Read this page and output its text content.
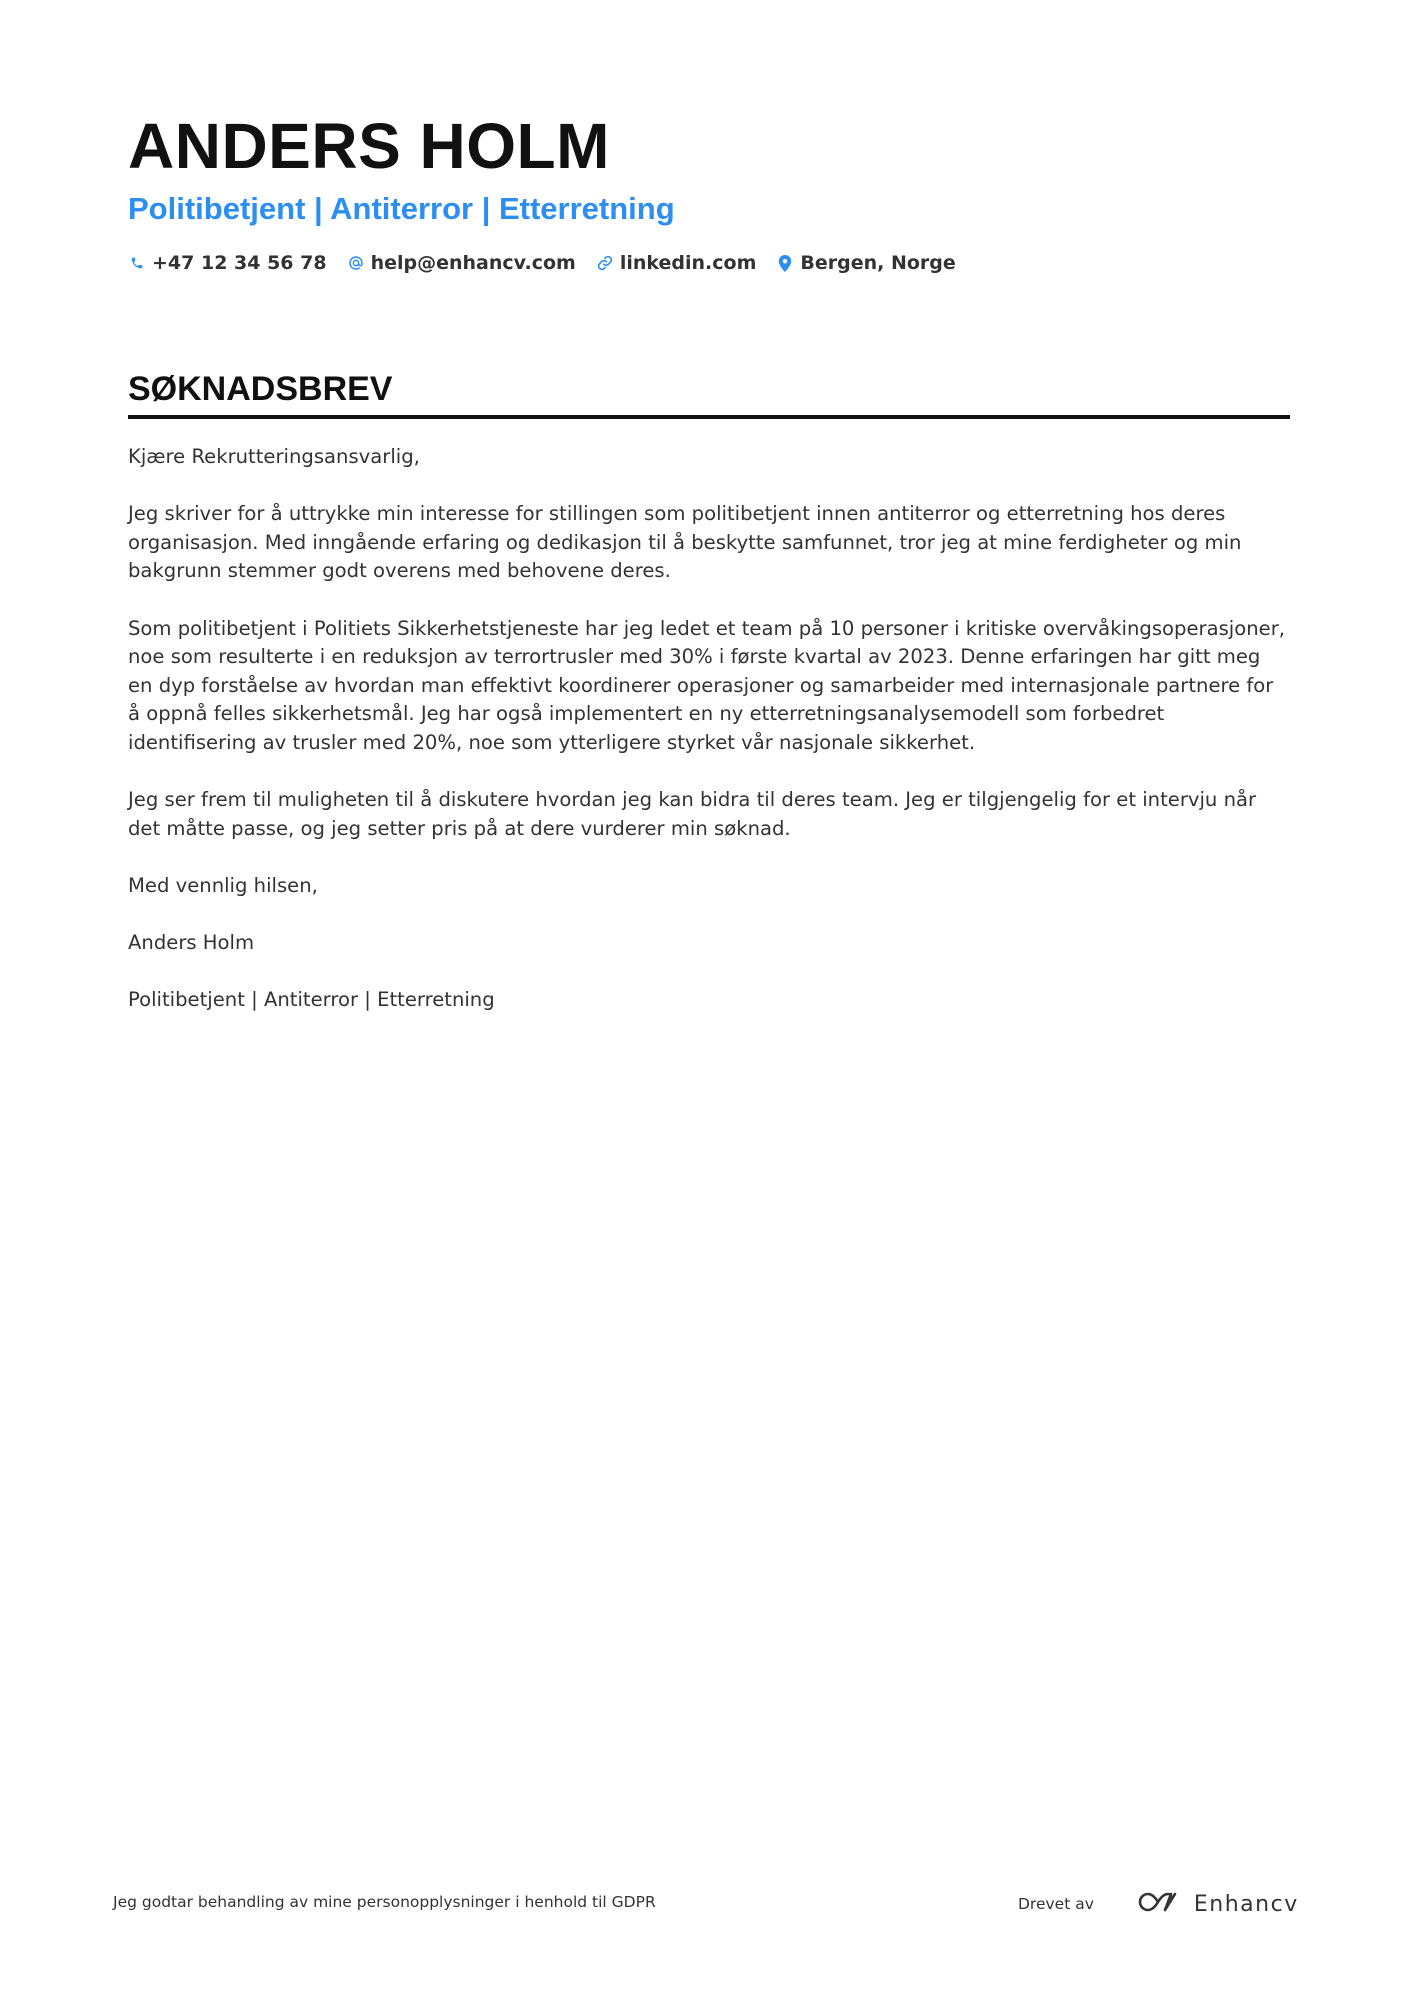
ANDERS HOLM
Politibetjent | Antiterror | Etterretning
+47 12 34 56 78 help@enhancv.com linkedin.com Bergen, Norge
SØKNADSBREV

Kjære Rekrutteringsansvarlig,

Jeg skriver for å uttrykke min interesse for stillingen som politibetjent innen antiterror og etterretning hos deres organisasjon. Med inngående erfaring og dedikasjon til å beskytte samfunnet, tror jeg at mine ferdigheter og min bakgrunn stemmer godt overens med behovene deres.

Som politibetjent i Politiets Sikkerhetstjeneste har jeg ledet et team på 10 personer i kritiske overvåkingsoperasjoner, noe som resulterte i en reduksjon av terrortrusler med 30% i første kvartal av 2023. Denne erfaringen har gitt meg en dyp forståelse av hvordan man effektivt koordinerer operasjoner og samarbeider med internasjonale partnere for å oppnå felles sikkerhetsmål. Jeg har også implementert en ny etterretningsanalysemodell som forbedret identifisering av trusler med 20%, noe som ytterligere styrket vår nasjonale sikkerhet.

Jeg ser frem til muligheten til å diskutere hvordan jeg kan bidra til deres team. Jeg er tilgjengelig for et intervju når det måtte passe, og jeg setter pris på at dere vurderer min søknad.

Med vennlig hilsen,

Anders Holm

Politibetjent | Antiterror | Etterretning

Jeg godtar behandling av mine personopplysninger i henhold til GDPR	Drevet av	Enhancv
